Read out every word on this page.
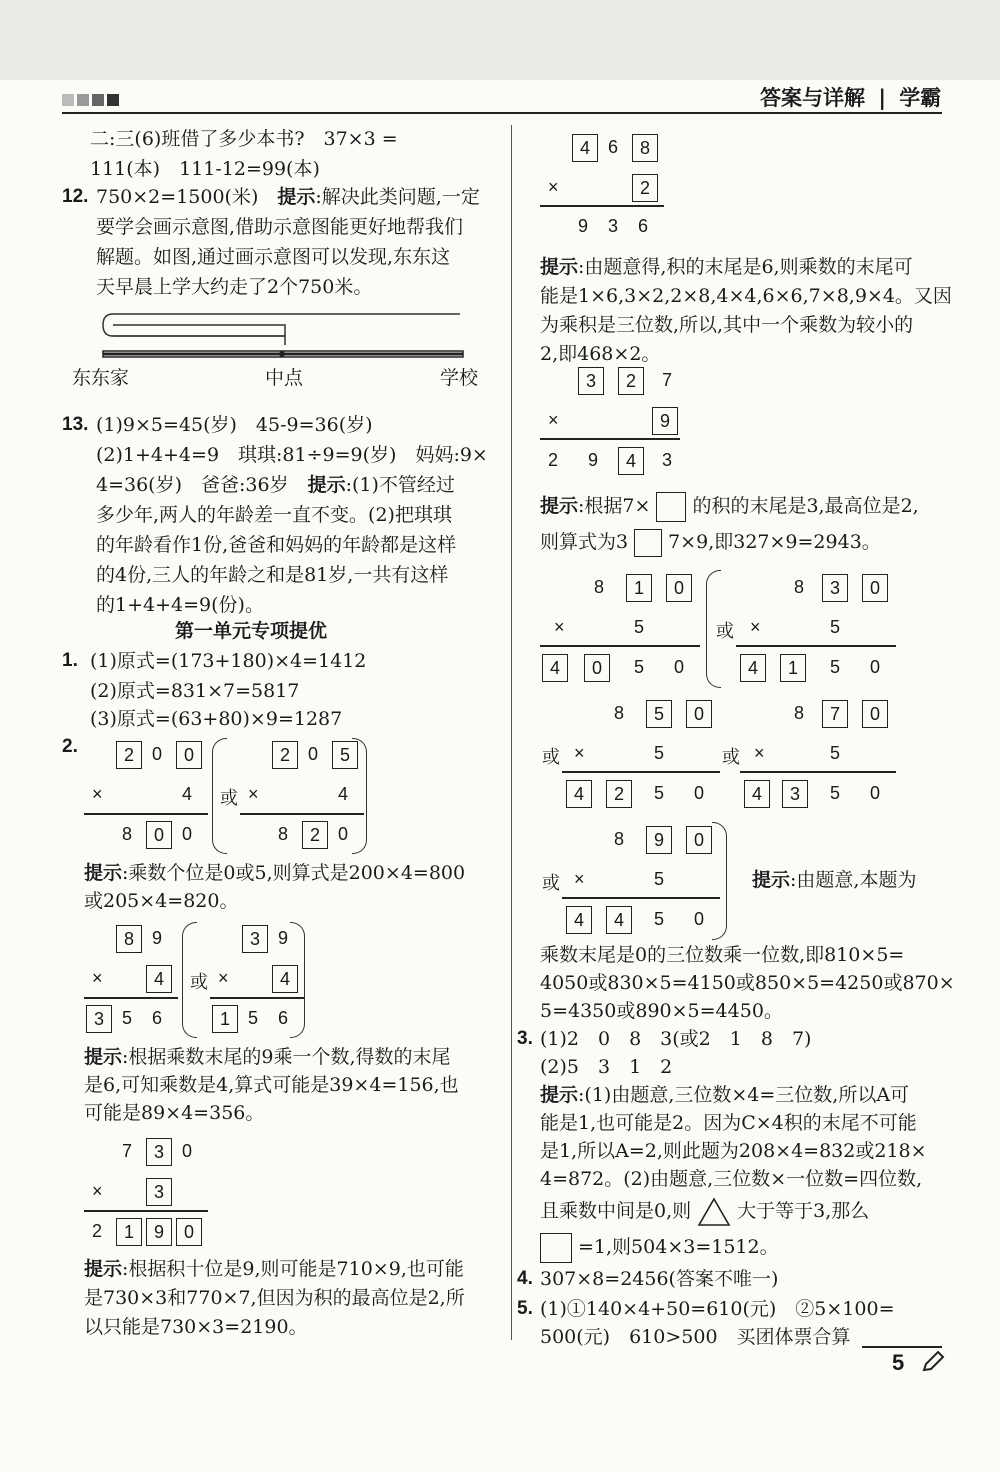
答案与详解 | 学霸
二:三(6)班借了多少本书?　37×3 =
111(本)　111-12=99(本)
12. 750×2=1500(米)　提示:解决此类问题,一定
要学会画示意图,借助示意图能更好地帮我们
解题。如图,通过画示意图可以发现,东东这
天早晨上学大约走了2个750米。
东东家	中点	学校
13. (1)9×5=45(岁)　45-9=36(岁)
(2)1+4+4=9　琪琪:81÷9=9(岁)　妈妈:9×
4=36(岁)　爸爸:36岁　提示:(1)不管经过
多少年,两人的年龄差一直不变。(2)把琪琪
的年龄看作1份,爸爸和妈妈的年龄都是这样
的4份,三人的年龄之和是81岁,一共有这样
的1+4+4=9(份)。
第一单元专项提优
1. (1)原式=(173+180)×4=1412
(2)原式=831×7=5817
(3)原式=(63+80)×9=1287
2.	2	0	0
×	4
8	0	0
或
2	0	5
×	4
8	2	0
提示:乘数个位是0或5,则算式是200×4=800
或205×4=820。
8	9
×	4
3	5 6
或
3	9
×	4
1	5 6
提示:根据乘数末尾的9乘一个数,得数的末尾
是6,可知乘数是4,算式可能是39×4=156,也
可能是89×4=356。
7	3	0
×	3
2	1	9	0
提示:根据积十位是9,则可能是710×9,也可能
是730×3和770×7,但因为积的最高位是2,所
以只能是730×3=2190。
4	6	8
×	2
9 3 6
提示:由题意得,积的末尾是6,则乘数的末尾可
能是1×6,3×2,2×8,4×4,6×6,7×8,9×4。又因
为乘积是三位数,所以,其中一个乘数为较小的
2,即468×2。
3	2	7
×	9
2 9	4	3
提示:根据7× 的积的末尾是3,最高位是2,
则算式为3 7×9,即327×9=2943。
8	1	0
×	5
4	0	5 0
或
8	3	0
×	5
4	1	5 0
8	5	0
或 ×	5
4	2	5 0
8	7	0
或 ×	5
4	3	5 0
8	9	0
或 ×	5
4	4	5 0
提示:由题意,本题为
乘数末尾是0的三位数乘一位数,即810×5=
4050或830×5=4150或850×5=4250或870×
5=4350或890×5=4450。
3. (1)2　0　8　3(或2　1　8　7)
(2)5　3　1　2
提示:(1)由题意,三位数×4=三位数,所以A可
能是1,也可能是2。因为C×4积的末尾不可能
是1,所以A=2,则此题为208×4=832或218×
4=872。(2)由题意,三位数×一位数=四位数,
且乘数中间是0,则 大于等于3,那么
=1,则504×3=1512。
4. 307×8=2456(答案不唯一)
5. (1)①140×4+50=610(元)　②5×100=
500(元)　610>500　买团体票合算
5
